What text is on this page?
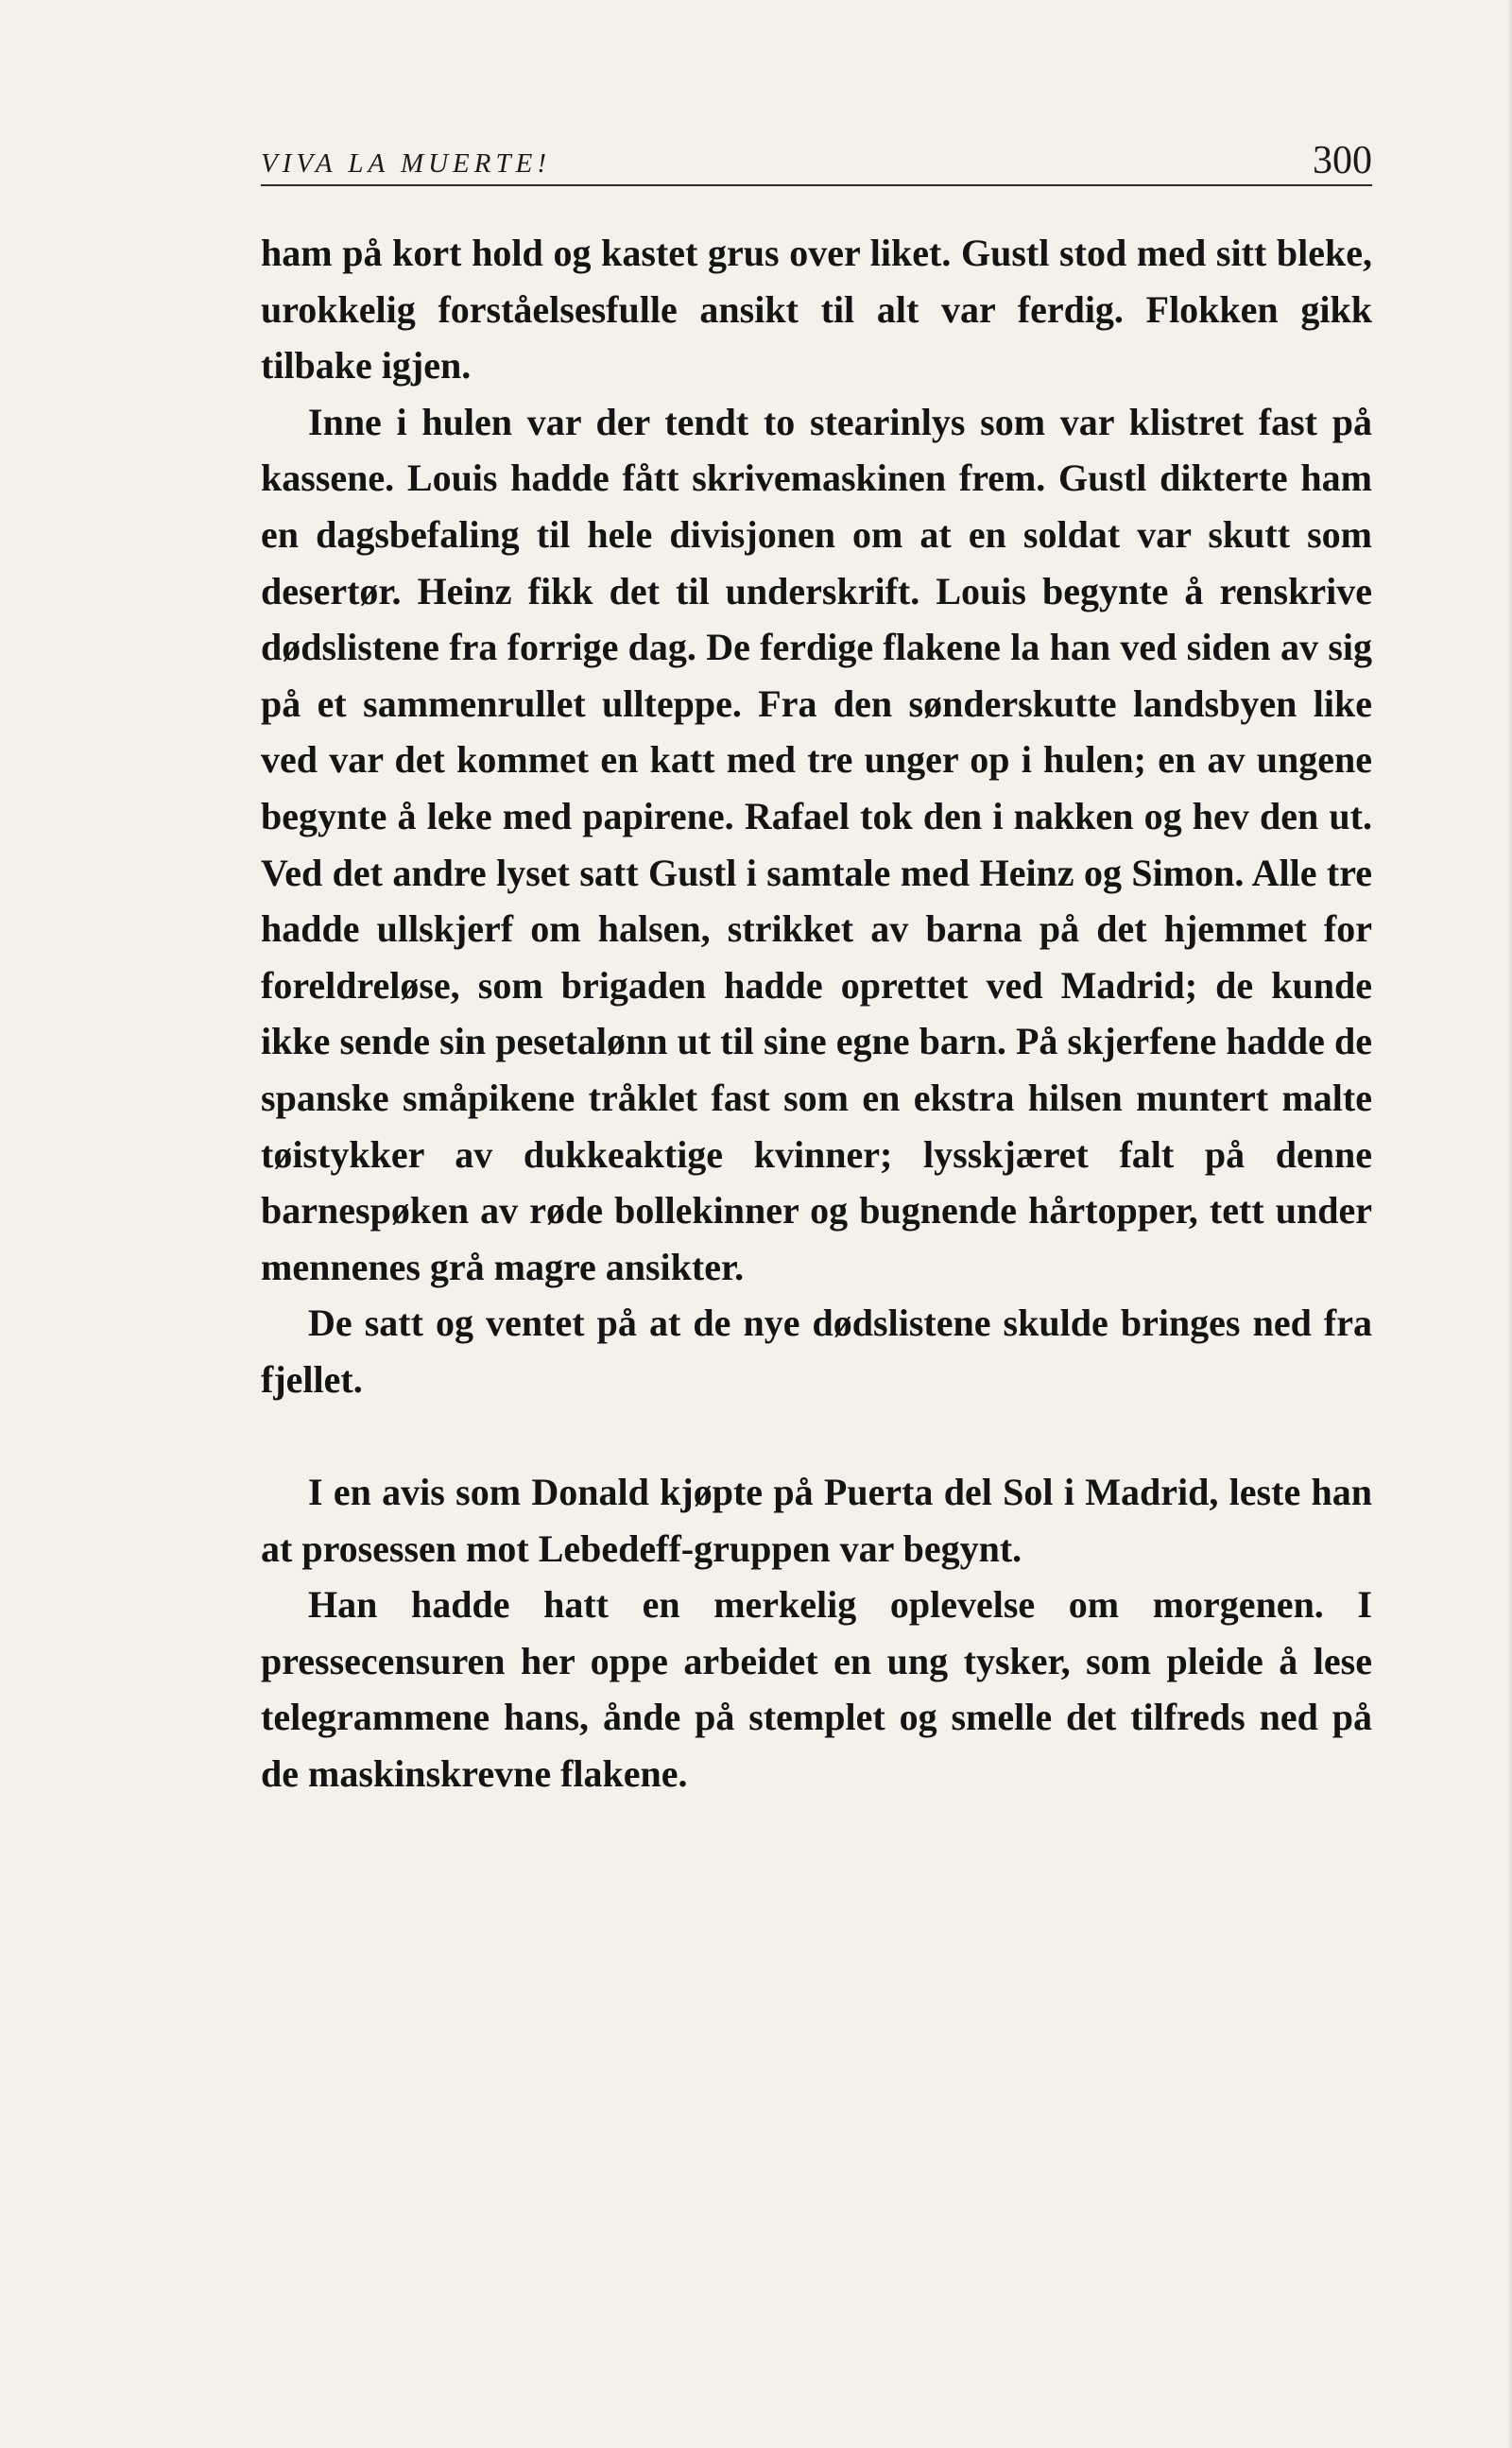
VIVA LA MUERTE!	300

ham på kort hold og kastet grus over liket. Gustl stod med sitt bleke, urokkelig forståelsesfulle ansikt til alt var ferdig. Flokken gikk tilbake igjen.

Inne i hulen var der tendt to stearinlys som var klistret fast på kassene. Louis hadde fått skrivemaskinen frem. Gustl dikterte ham en dagsbefaling til hele divisjonen om at en soldat var skutt som desertør. Heinz fikk det til underskrift. Louis begynte å renskrive dødslistene fra forrige dag. De ferdige flakene la han ved siden av sig på et sammenrullet ullteppe. Fra den sønderskutte landsbyen like ved var det kommet en katt med tre unger op i hulen; en av ungene begynte å leke med papirene. Rafael tok den i nakken og hev den ut. Ved det andre lyset satt Gustl i samtale med Heinz og Simon. Alle tre hadde ullskjerf om halsen, strikket av barna på det hjemmet for foreldreløse, som brigaden hadde oprettet ved Madrid; de kunde ikke sende sin pesetalønn ut til sine egne barn. På skjerfene hadde de spanske småpikene tråklet fast som en ekstra hilsen muntert malte tøistykker av dukkeaktige kvinner; lysskjæret falt på denne barnespøken av røde bollekinner og bugnende hårtopper, tett under mennenes grå magre ansikter.

De satt og ventet på at de nye dødslistene skulde bringes ned fra fjellet.

I en avis som Donald kjøpte på Puerta del Sol i Madrid, leste han at prosessen mot Lebedeff-gruppen var begynt.

Han hadde hatt en merkelig oplevelse om morgenen. I pressecensuren her oppe arbeidet en ung tysker, som pleide å lese telegrammene hans, ånde på stemplet og smelle det tilfreds ned på de maskinskrevne flakene.
